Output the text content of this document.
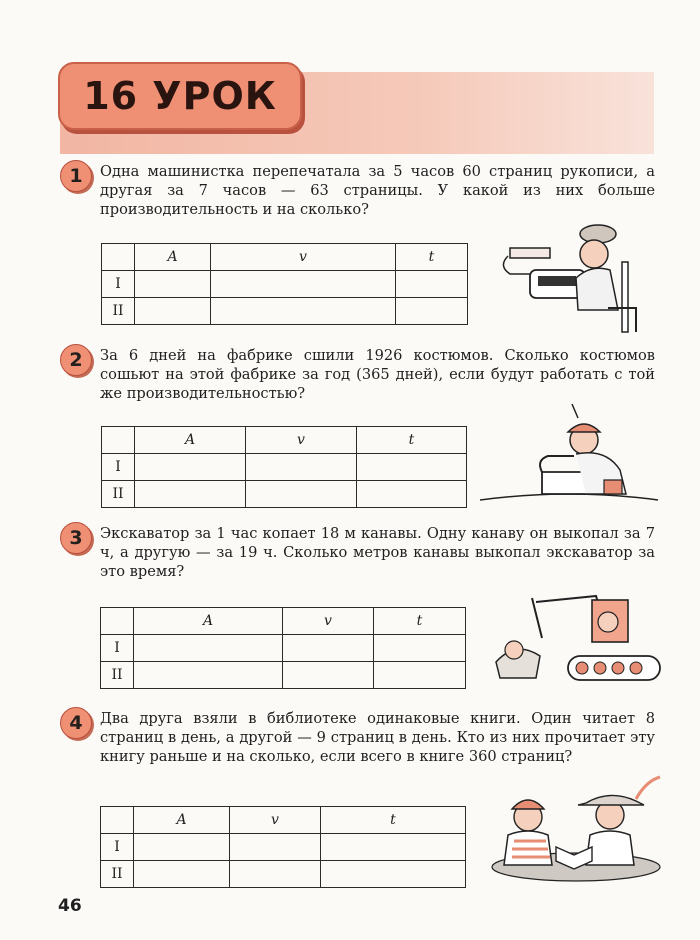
16 УРОК
1	Одна машинистка перепечатала за 5 часов 60 страниц рукописи, а другая за 7 часов — 63 страницы. У какой из них больше производительность и на сколько?

	A	v	t
I			
II			
2	За 6 дней на фабрике сшили 1926 костюмов. Сколько костюмов сошьют на этой фабрике за год (365 дней), если будут работать с той же производительностью?

	A	v	t
I			
II			
3	Экскаватор за 1 час копает 18 м канавы. Одну канаву он выкопал за 7 ч, а другую — за 19 ч. Сколько метров канавы выкопал экскаватор за это время?

	A	v	t
I			
II			
4	Два друга взяли в библиотеке одинаковые книги. Один читает 8 страниц в день, а другой — 9 страниц в день. Кто из них прочитает эту книгу раньше и на сколько, если всего в книге 360 страниц?

	A	v	t
I			
II			
46
